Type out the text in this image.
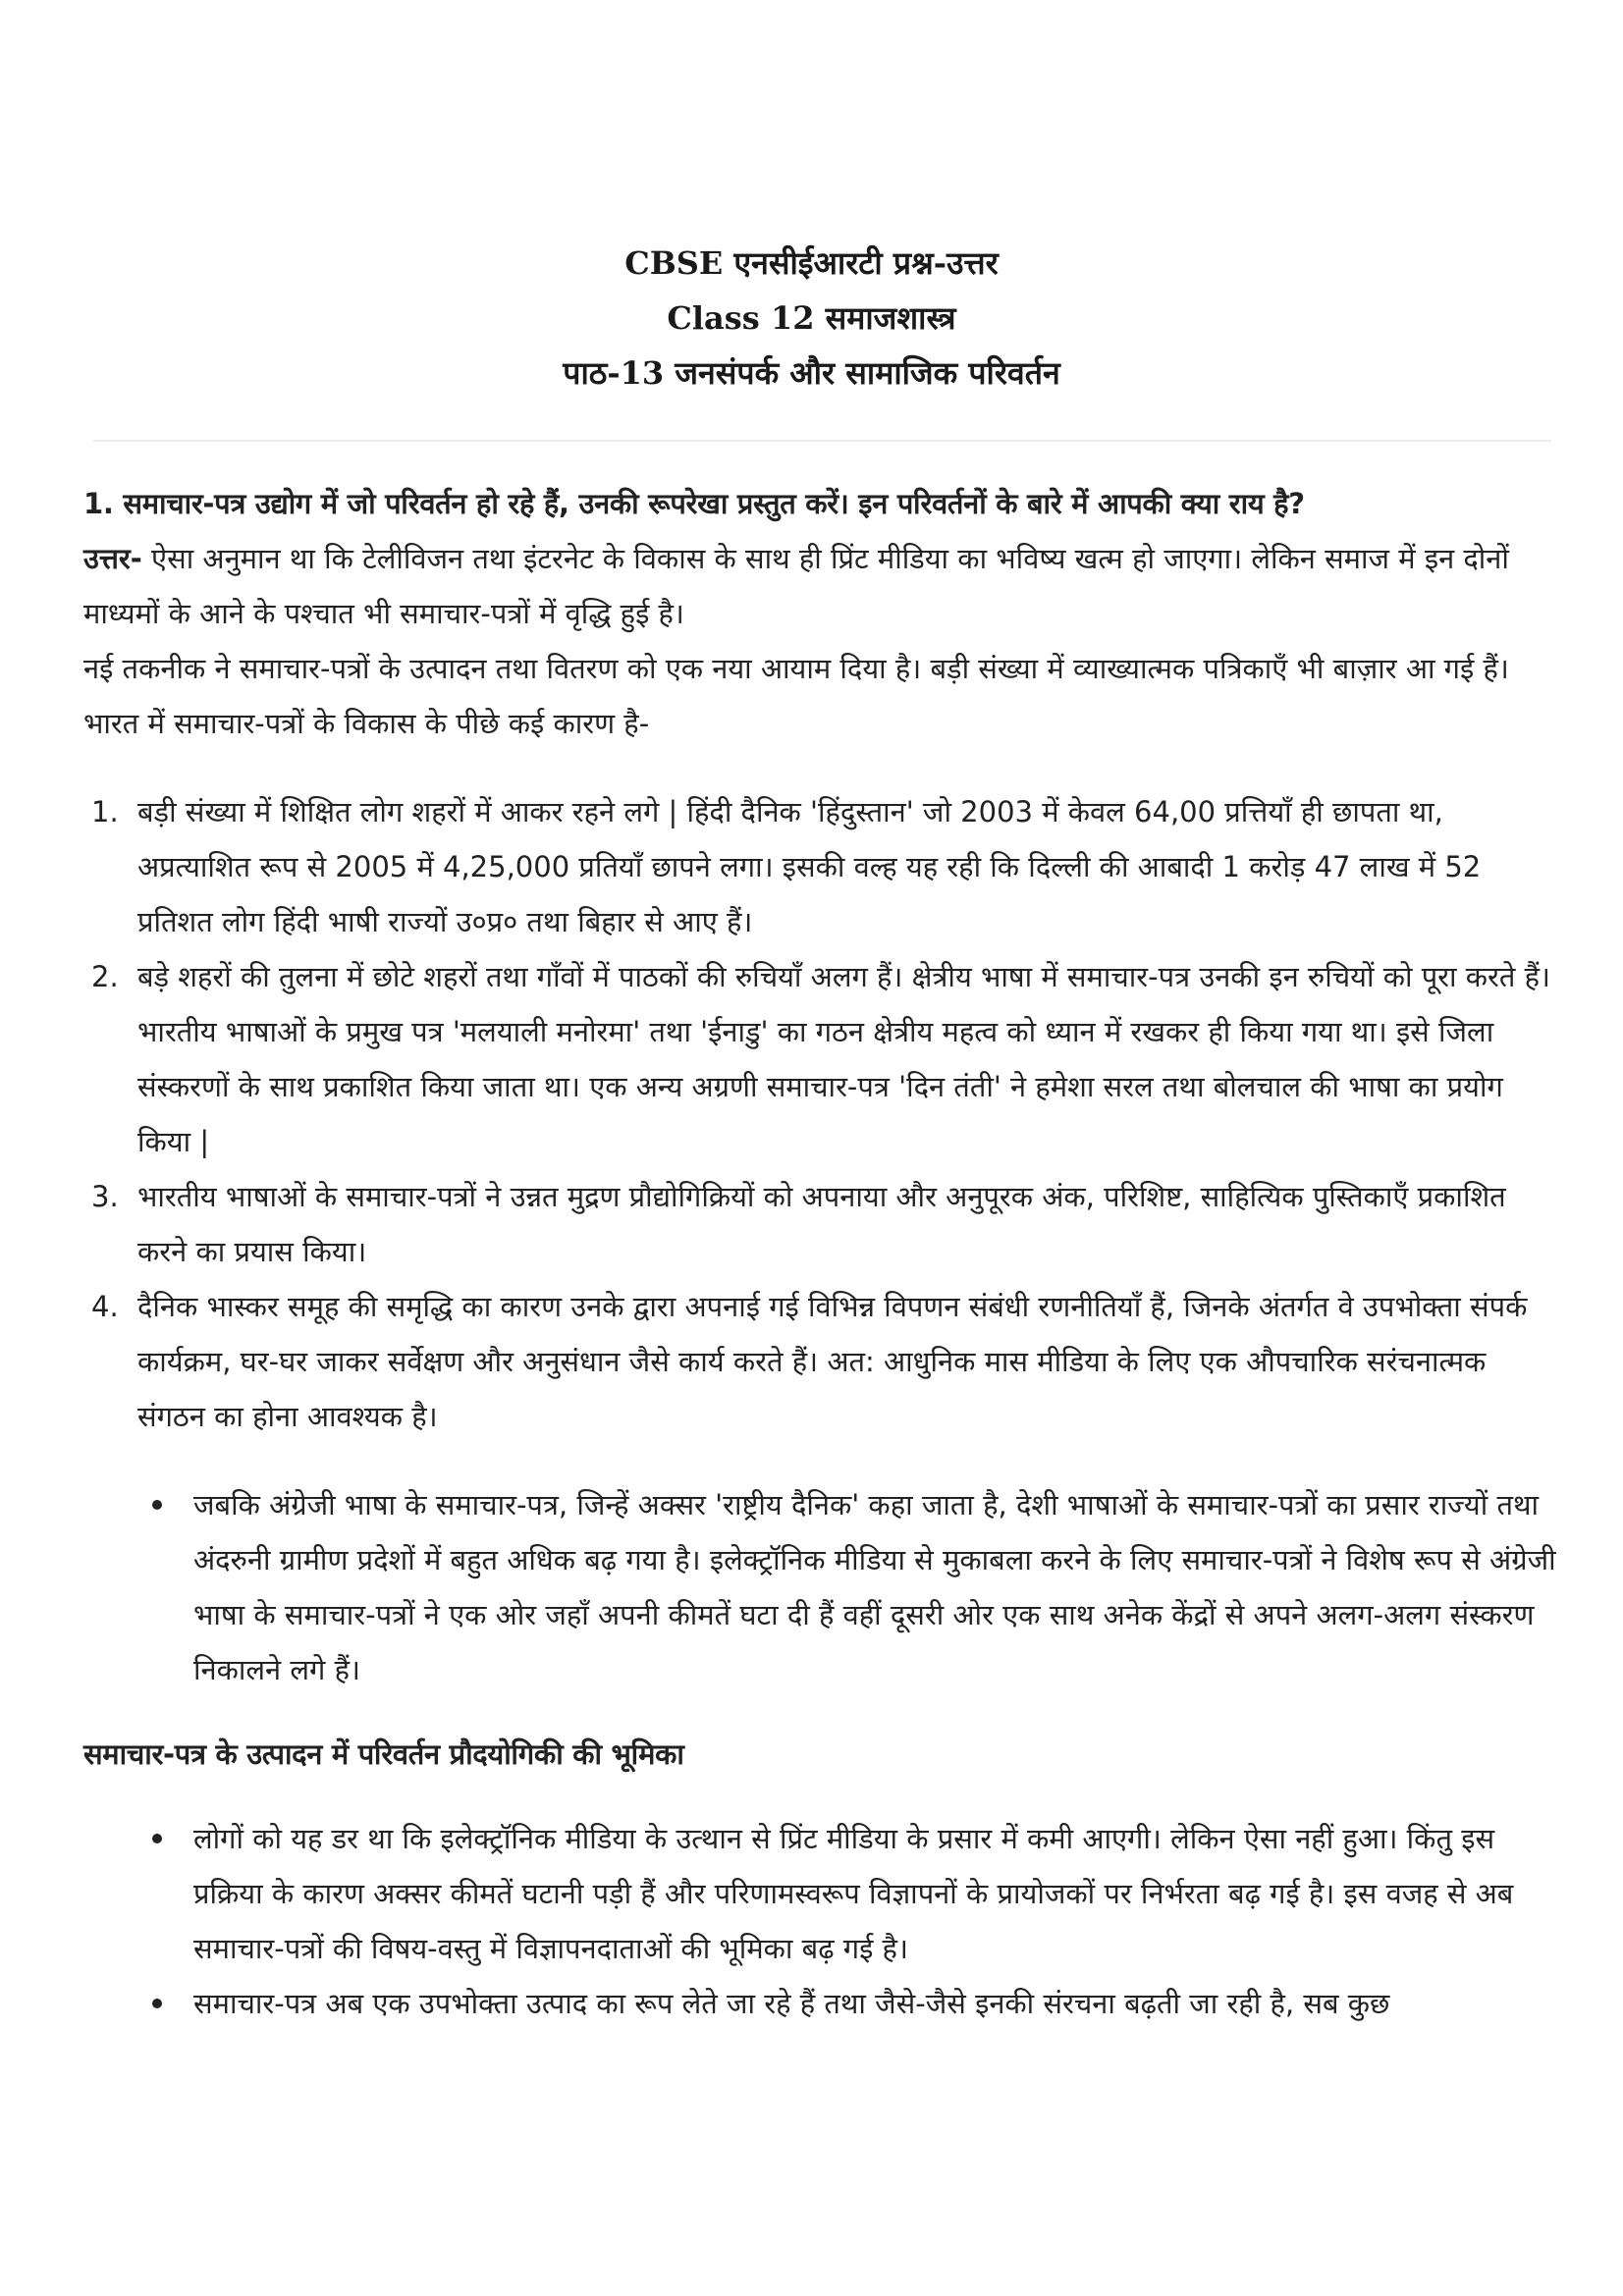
CBSE एनसीईआरटी प्रश्न-उत्तर
Class 12 समाजशास्त्र
पाठ-13 जनसंपर्क और सामाजिक परिवर्तन
1. समाचार-पत्र उद्योग में जो परिवर्तन हो रहे हैं, उनकी रूपरेखा प्रस्तुत करें। इन परिवर्तनों के बारे में आपकी क्या राय है?

उत्तर- ऐसा अनुमान था कि टेलीविजन तथा इंटरनेट के विकास के साथ ही प्रिंट मीडिया का भविष्य खत्म हो जाएगा। लेकिन समाज में इन दोनों माध्यमों के आने के पश्चात भी समाचार-पत्रों में वृद्धि हुई है।

नई तकनीक ने समाचार-पत्रों के उत्पादन तथा वितरण को एक नया आयाम दिया है। बड़ी संख्या में व्याख्यात्मक पत्रिकाएँ भी बाज़ार आ गई हैं। भारत में समाचार-पत्रों के विकास के पीछे कई कारण है-

1. बड़ी संख्या में शिक्षित लोग शहरों में आकर रहने लगे | हिंदी दैनिक 'हिंदुस्तान' जो 2003 में केवल 64,00 प्रत्तियाँ ही छापता था, अप्रत्याशित रूप से 2005 में 4,25,000 प्रतियाँ छापने लगा। इसकी वल्ह यह रही कि दिल्ली की आबादी 1 करोड़ 47 लाख में 52 प्रतिशत लोग हिंदी भाषी राज्यों उ०प्र० तथा बिहार से आए हैं।
2. बड़े शहरों की तुलना में छोटे शहरों तथा गाँवों में पाठकों की रुचियाँ अलग हैं। क्षेत्रीय भाषा में समाचार-पत्र उनकी इन रुचियों को पूरा करते हैं। भारतीय भाषाओं के प्रमुख पत्र 'मलयाली मनोरमा' तथा 'ईनाडु' का गठन क्षेत्रीय महत्व को ध्यान में रखकर ही किया गया था। इसे जिला संस्करणों के साथ प्रकाशित किया जाता था। एक अन्य अग्रणी समाचार-पत्र 'दिन तंती' ने हमेशा सरल तथा बोलचाल की भाषा का प्रयोग किया |
3. भारतीय भाषाओं के समाचार-पत्रों ने उन्नत मुद्रण प्रौद्योगिक्रियों को अपनाया और अनुपूरक अंक, परिशिष्ट, साहित्यिक पुस्तिकाएँ प्रकाशित करने का प्रयास किया।
4. दैनिक भास्कर समूह की समृद्धि का कारण उनके द्वारा अपनाई गई विभिन्न विपणन संबंधी रणनीतियाँ हैं, जिनके अंतर्गत वे उपभोक्ता संपर्क कार्यक्रम, घर-घर जाकर सर्वेक्षण और अनुसंधान जैसे कार्य करते हैं। अत: आधुनिक मास मीडिया के लिए एक औपचारिक सरंचनात्मक संगठन का होना आवश्यक है।
जबकि अंग्रेजी भाषा के समाचार-पत्र, जिन्हें अक्सर 'राष्ट्रीय दैनिक' कहा जाता है, देशी भाषाओं के समाचार-पत्रों का प्रसार राज्यों तथा अंदरुनी ग्रामीण प्रदेशों में बहुत अधिक बढ़ गया है। इलेक्ट्रॉनिक मीडिया से मुकाबला करने के लिए समाचार-पत्रों ने विशेष रूप से अंग्रेजी भाषा के समाचार-पत्रों ने एक ओर जहाँ अपनी कीमतें घटा दी हैं वहीं दूसरी ओर एक साथ अनेक केंद्रों से अपने अलग-अलग संस्करण निकालने लगे हैं।
समाचार-पत्र के उत्पादन में परिवर्तन प्रौदयोगिकी की भूमिका
लोगों को यह डर था कि इलेक्ट्रॉनिक मीडिया के उत्थान से प्रिंट मीडिया के प्रसार में कमी आएगी। लेकिन ऐसा नहीं हुआ। किंतु इस प्रक्रिया के कारण अक्सर कीमतें घटानी पड़ी हैं और परिणामस्वरूप विज्ञापनों के प्रायोजकों पर निर्भरता बढ़ गई है। इस वजह से अब समाचार-पत्रों की विषय-वस्तु में विज्ञापनदाताओं की भूमिका बढ़ गई है।
समाचार-पत्र अब एक उपभोक्ता उत्पाद का रूप लेते जा रहे हैं तथा जैसे-जैसे इनकी संरचना बढ़ती जा रही है, सब कुछ
